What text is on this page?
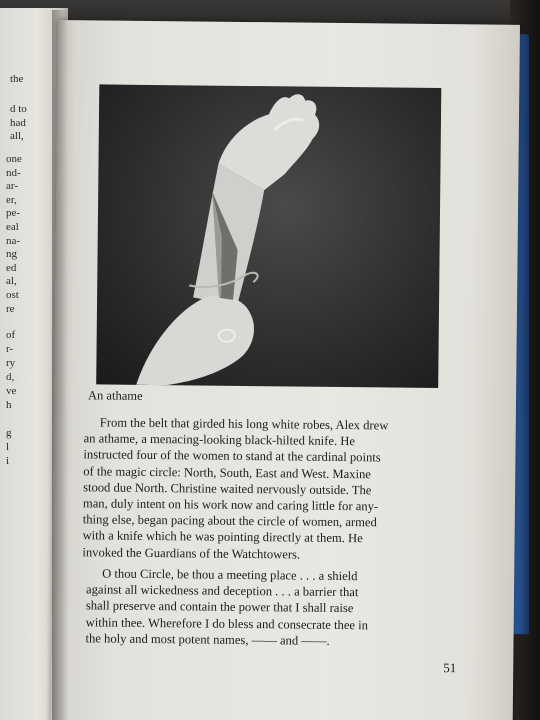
the
d to
had
all,
one
nd-
ar-
er,
pe-
eal
na-
ng
ed
al,
ost
re
of
r-
ry
d,
ve
h
g
l
i
An athame
From the belt that girded his long white robes, Alex drew
an athame, a menacing-looking black-hilted knife. He
instructed four of the women to stand at the cardinal points
of the magic circle: North, South, East and West. Maxine
stood due North. Christine waited nervously outside. The
man, duly intent on his work now and caring little for any-
thing else, began pacing about the circle of women, armed
with a knife which he was pointing directly at them. He
invoked the Guardians of the Watchtowers.
O thou Circle, be thou a meeting place . . . a shield
against all wickedness and deception . . . a barrier that
shall preserve and contain the power that I shall raise
within thee. Wherefore I do bless and consecrate thee in
the holy and most potent names, —— and ——.
51
